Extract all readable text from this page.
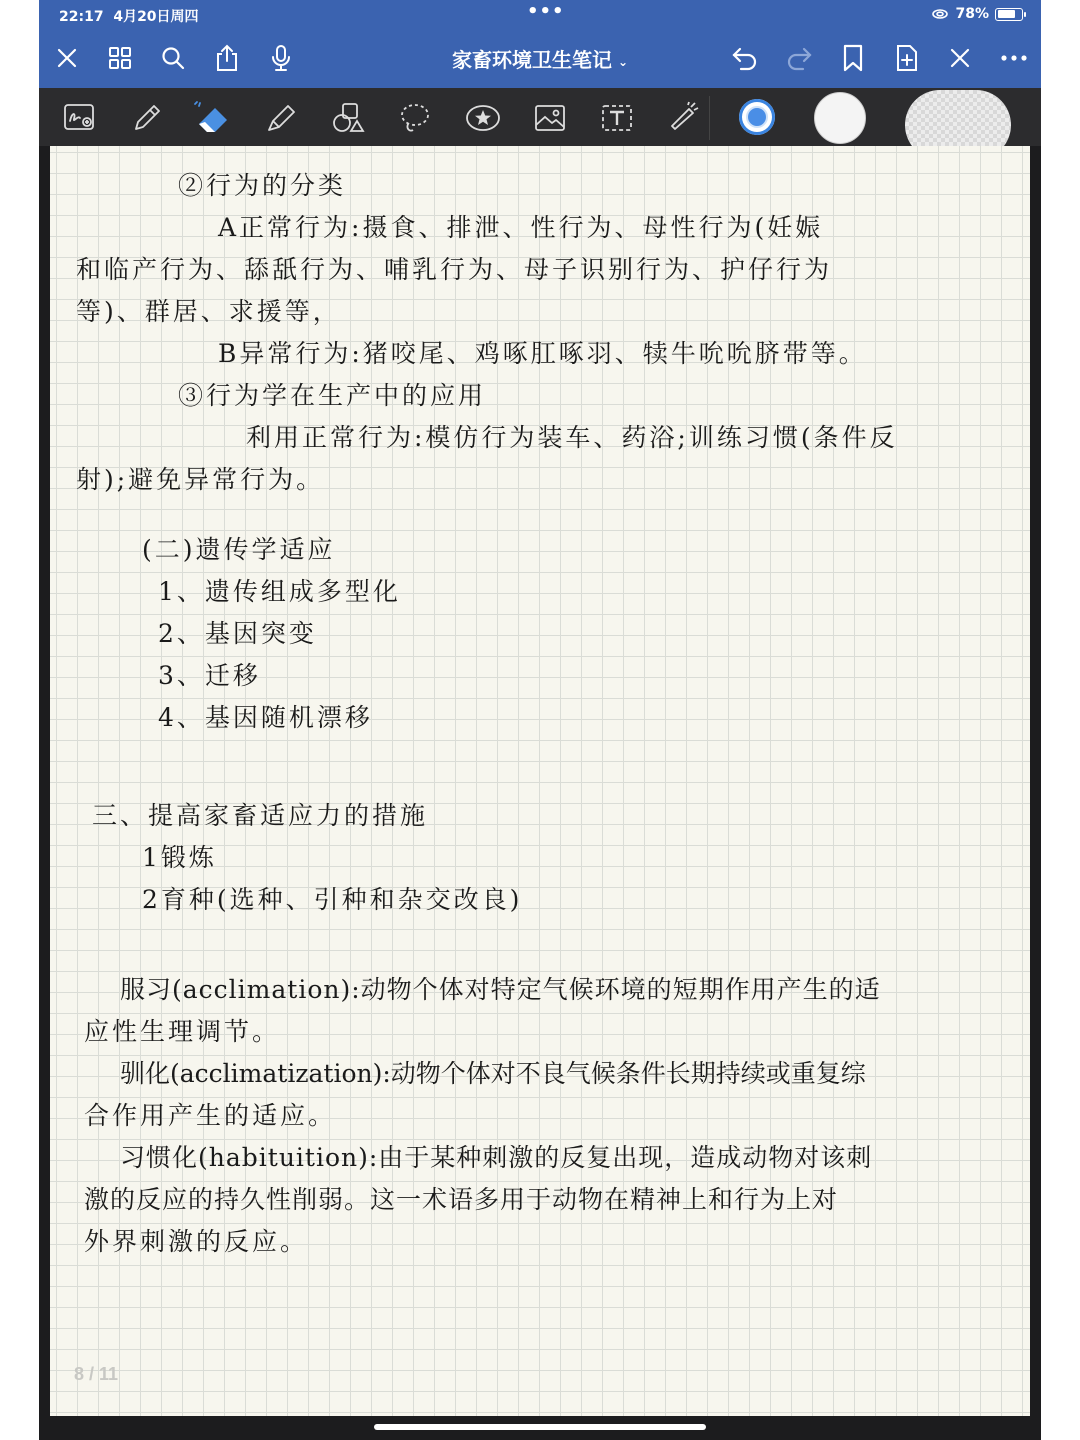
22:17 4月20日周四	•••	78%
家畜环境卫生笔记 ⌄
②行为的分类
A正常行为:摄食、排泄、性行为、母性行为(妊娠
和临产行为、舔舐行为、哺乳行为、母子识别行为、护仔行为
等)、群居、求援等，
B异常行为:猪咬尾、鸡啄肛啄羽、犊牛吮吮脐带等。
③行为学在生产中的应用
利用正常行为:模仿行为装车、药浴;训练习惯(条件反
射);避免异常行为。
(二)遗传学适应
1、遗传组成多型化
2、基因突变
3、迁移
4、基因随机漂移
三、提高家畜适应力的措施
1锻炼
2育种(选种、引种和杂交改良)
服习(acclimation):动物个体对特定气候环境的短期作用产生的适
应性生理调节。
驯化(acclimatization):动物个体对不良气候条件长期持续或重复综
合作用产生的适应。
习惯化(habituition):由于某种刺激的反复出现，造成动物对该刺
激的反应的持久性削弱。这一术语多用于动物在精神上和行为上对
外界刺激的反应。
8 / 11
